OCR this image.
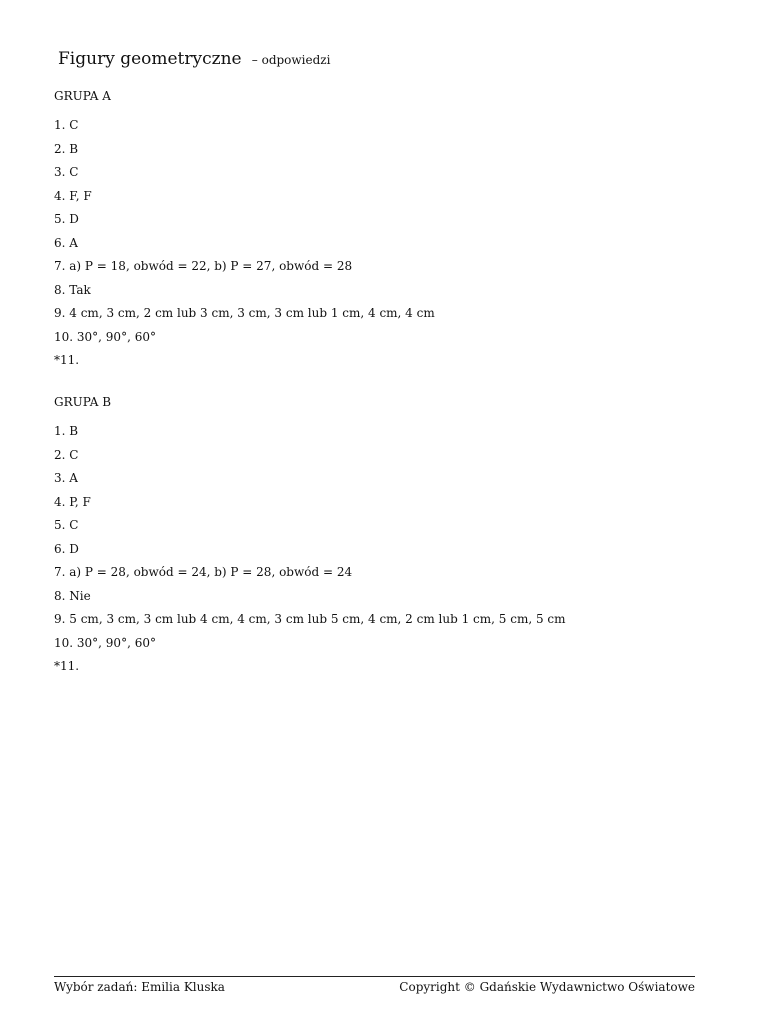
Figury geometryczne – odpowiedzi
GRUPA A
1. C
2. B
3. C
4. F, F
5. D
6. A
7. a) P = 18, obwód = 22, b) P = 27, obwód = 28
8. Tak
9. 4 cm, 3 cm, 2 cm lub 3 cm, 3 cm, 3 cm lub 1 cm, 4 cm, 4 cm
10. 30°, 90°, 60°
*11.
GRUPA B
1. B
2. C
3. A
4. P, F
5. C
6. D
7. a) P = 28, obwód = 24, b) P = 28, obwód = 24
8. Nie
9. 5 cm, 3 cm, 3 cm lub 4 cm, 4 cm, 3 cm lub 5 cm, 4 cm, 2 cm lub 1 cm, 5 cm, 5 cm
10. 30°, 90°, 60°
*11.
Wybór zadań: Emilia Kluska	Copyright © Gdańskie Wydawnictwo Oświatowe
